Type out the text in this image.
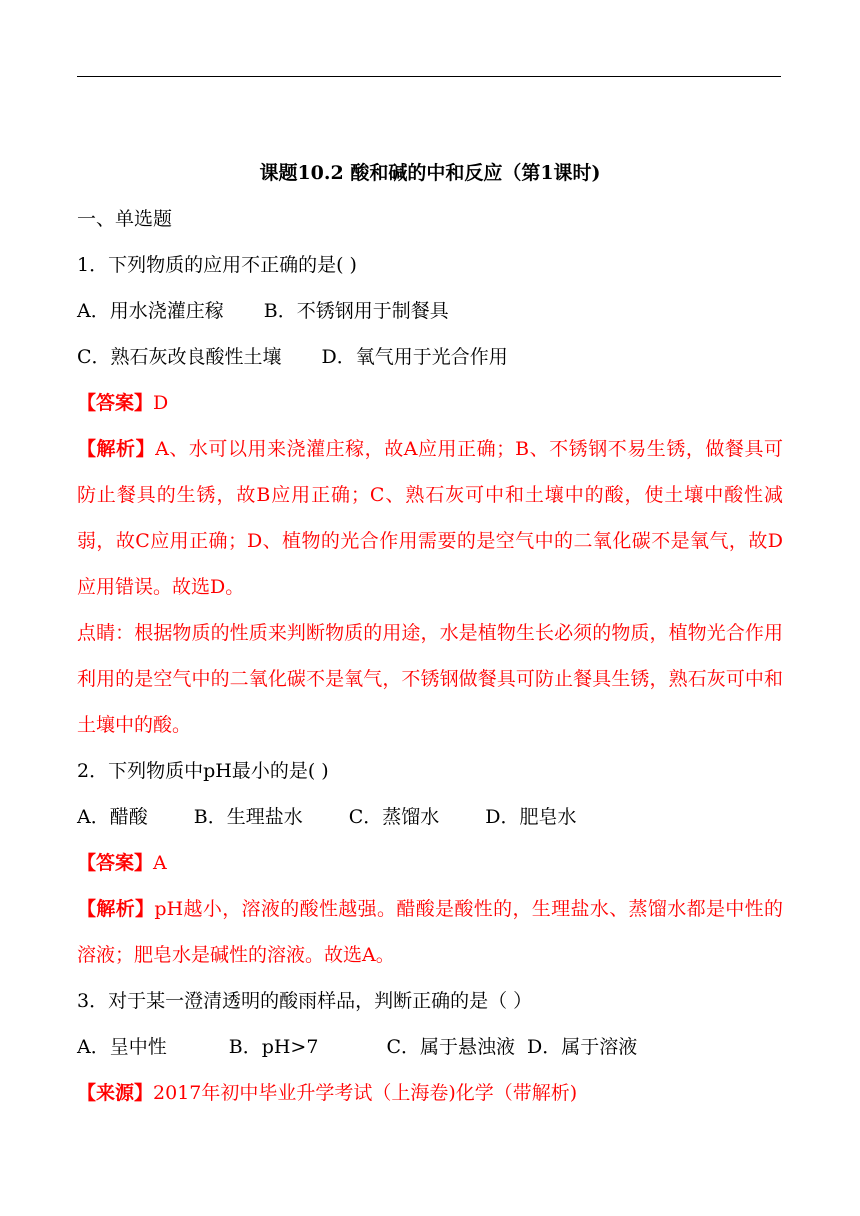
课题10.2 酸和碱的中和反应（第1课时)
一、单选题
1．下列物质的应用不正确的是( )
A．用水浇灌庄稼 B．不锈钢用于制餐具
C．熟石灰改良酸性土壤 D．氧气用于光合作用
【答案】D
【解析】A、水可以用来浇灌庄稼，故A应用正确；B、不锈钢不易生锈，做餐具可防止餐具的生锈，故B应用正确；C、熟石灰可中和土壤中的酸，使土壤中酸性减弱，故C应用正确；D、植物的光合作用需要的是空气中的二氧化碳不是氧气，故D应用错误。故选D。
点睛：根据物质的性质来判断物质的用途，水是植物生长必须的物质，植物光合作用利用的是空气中的二氧化碳不是氧气，不锈钢做餐具可防止餐具生锈，熟石灰可中和土壤中的酸。
2．下列物质中pH最小的是( )
A．醋酸 B．生理盐水 C．蒸馏水 D．肥皂水
【答案】A
【解析】pH越小，溶液的酸性越强。醋酸是酸性的，生理盐水、蒸馏水都是中性的溶液；肥皂水是碱性的溶液。故选A。
3．对于某一澄清透明的酸雨样品，判断正确的是（ ）
A．呈中性	B．pH>7	C．属于悬浊液 D．属于溶液
【来源】2017年初中毕业升学考试（上海卷)化学（带解析)
